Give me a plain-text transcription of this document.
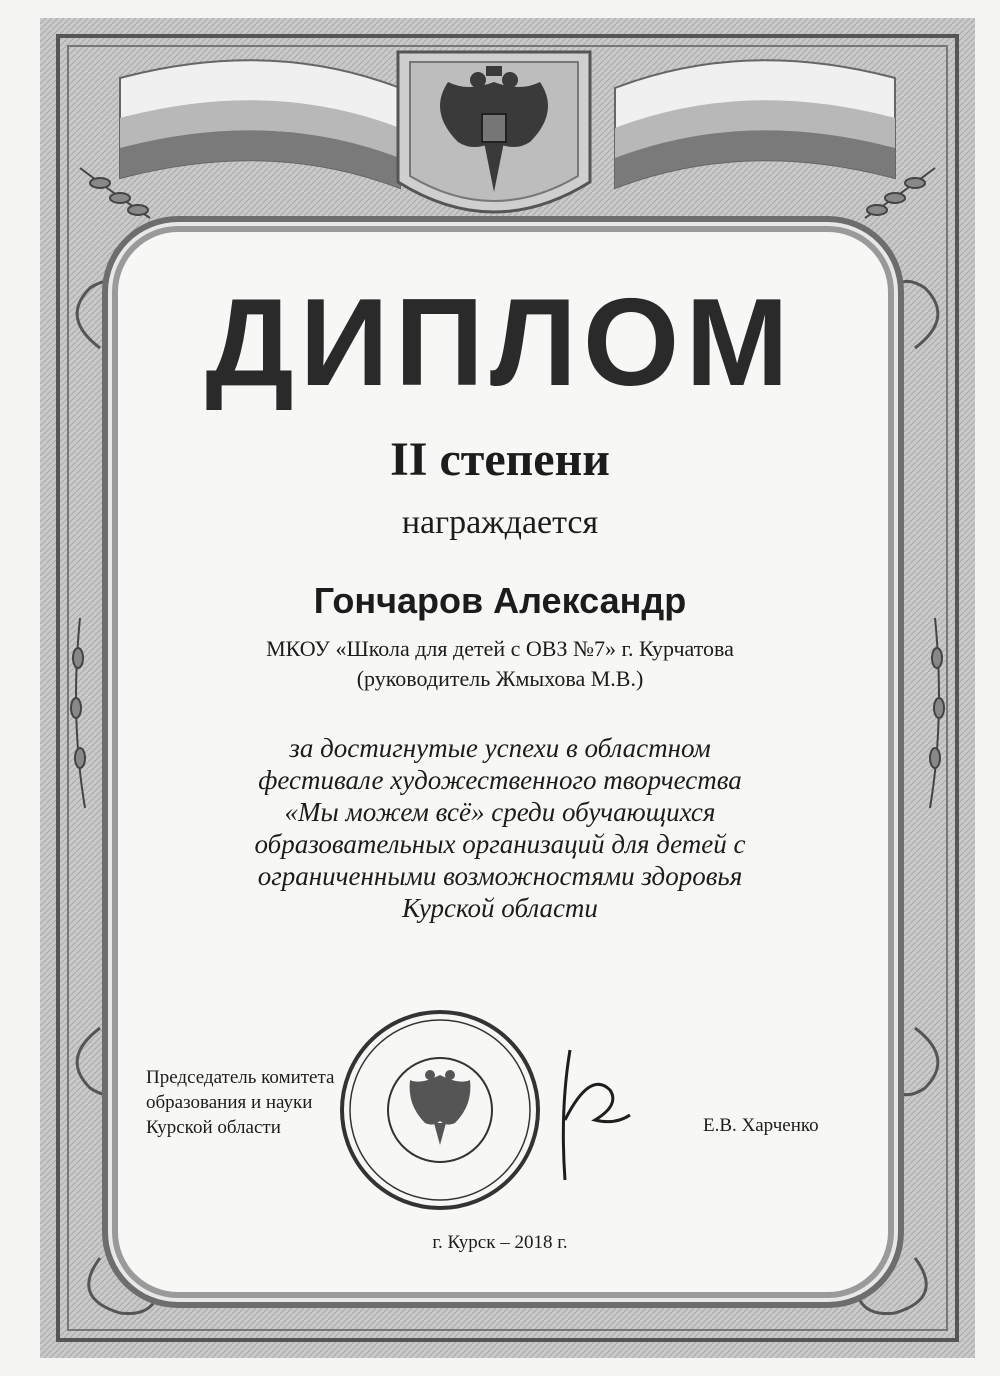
ДИПЛОМ
II степени
награждается
Гончаров Александр
МКОУ «Школа для детей с ОВЗ №7» г. Курчатова
(руководитель Жмыхова М.В.)
за достигнутые успехи в областном
фестивале художественного творчества
«Мы можем всё» среди обучающихся
образовательных организаций для детей с
ограниченными возможностями здоровья
Курской области
Председатель комитета
образования и науки
Курской области	Е.В. Харченко
г. Курск – 2018 г.
